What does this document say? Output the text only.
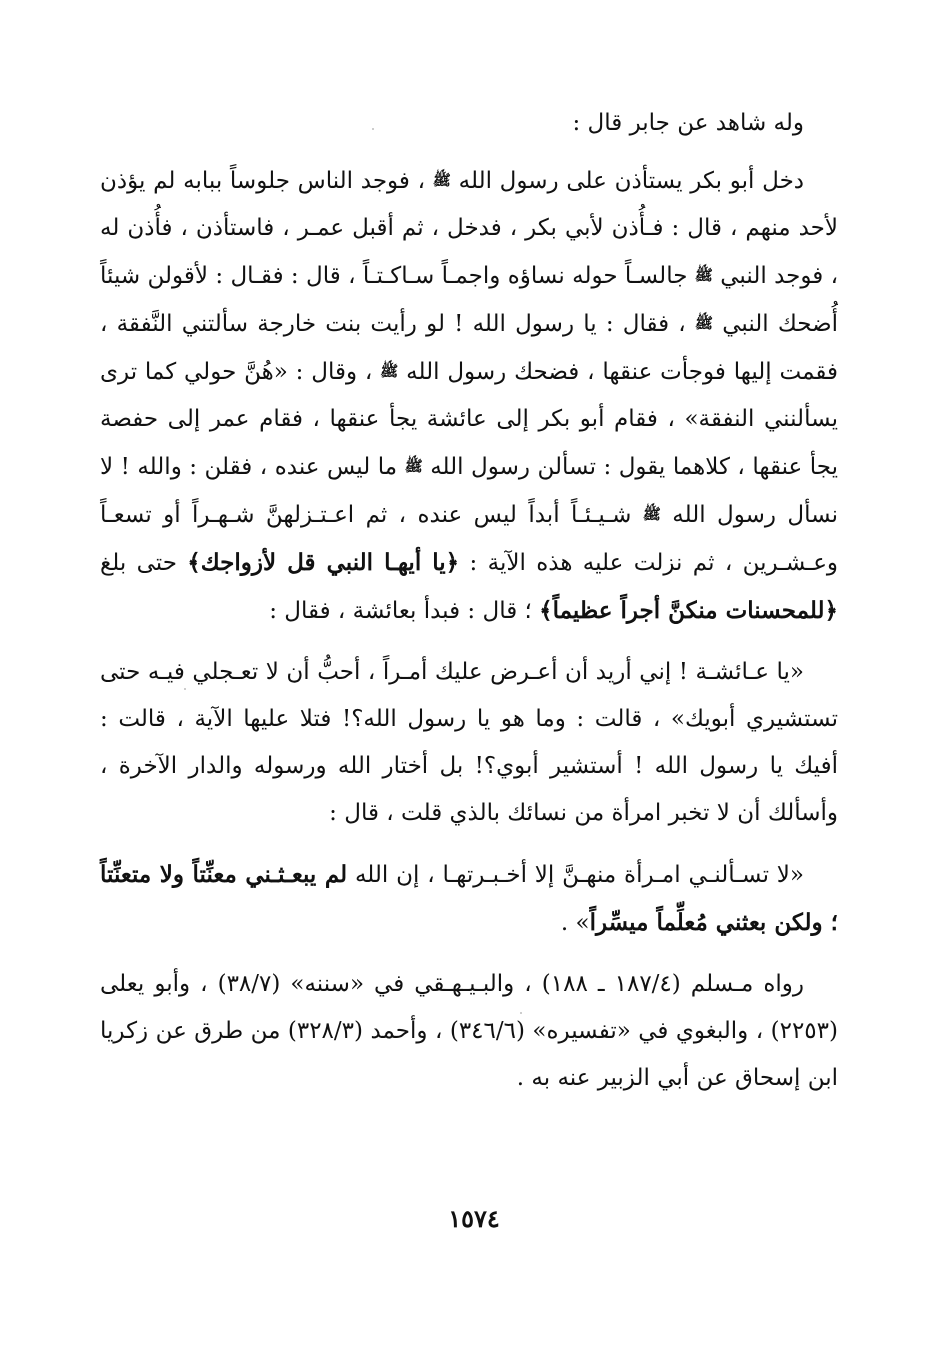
وله شاهد عن جابر قال :

دخل أبو بكر يستأذن على رسول الله ﷺ ، فوجد الناس جلوساً ببابه لم يؤذن لأحد منهم ، قال : فـأُذن لأبي بكر ، فدخل ، ثم أقبل عمـر ، فاستأذن ، فأُذن له ، فوجد النبي ﷺ جالسـاً حوله نساؤه واجمـاً سـاكـتـاً ، قال : فقـال : لأقولن شيئاً أُضحك النبي ﷺ ، فقال : يا رسول الله ! لو رأيت بنت خارجة سألتني النَّفقة ، فقمت إليها فوجأت عنقها ، فضحك رسول الله ﷺ ، وقال : «هُنَّ حولي كما ترى يسألنني النفقة» ، فقام أبو بكر إلى عائشة يجأ عنقها ، فقام عمر إلى حفصة يجأ عنقها ، كلاهما يقول : تسألن رسول الله ﷺ ما ليس عنده ، فقلن : والله ! لا نسأل رسول الله ﷺ شـيـئـاً أبداً ليس عنده ، ثم اعـتـزلهنَّ شـهـراً أو تسعـاً وعـشـرين ، ثم نزلت عليه هذه الآية : ﴿يا أيهـا النبي قل لأزواجك﴾ حتى بلغ ﴿للمحسنات منكنَّ أجراً عظيماً﴾ ؛ قال : فبدأ بعائشة ، فقال :

«يا عـائشـة ! إني أريد أن أعـرض عليك أمـراً ، أحبُّ أن لا تعـجلي فيـه حتى تستشيري أبويك» ، قالت : وما هو يا رسول الله؟! فتلا عليها الآية ، قالت : أفيك يا رسول الله ! أستشير أبوي؟! بل أختار الله ورسوله والدار الآخرة ، وأسألك أن لا تخبر امرأة من نسائك بالذي قلت ، قال :

«لا تسـألنـي امـرأة منهـنَّ إلا أخـبـرتهـا ، إن الله لم يبعـثـني معنِّتاً ولا متعنِّتاً ؛ ولكن بعثني مُعلِّماً ميسِّراً» .

رواه مـسلم (١٨٧/٤ ـ ١٨٨) ، والبـيـهـقي في «سننه» (٣٨/٧) ، وأبو يعلى (٢٢٥٣) ، والبغوي في «تفسيره» (٣٤٦/٦) ، وأحمد (٣٢٨/٣) من طرق عن زكريا ابن إسحاق عن أبي الزبير عنه به .

١٥٧٤
